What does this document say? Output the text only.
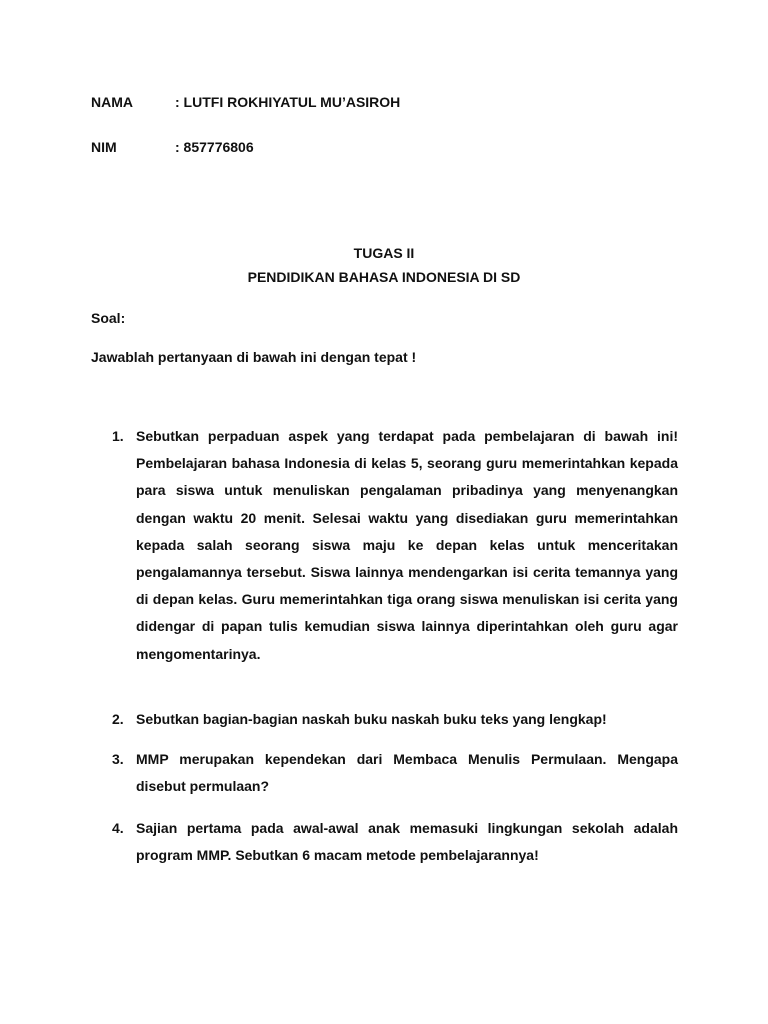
NAMA	: LUTFI ROKHIYATUL MU’ASIROH
NIM	: 857776806
TUGAS II
PENDIDIKAN BAHASA INDONESIA DI SD
Soal:
Jawablah pertanyaan di bawah ini dengan tepat !
1. Sebutkan perpaduan aspek yang terdapat pada pembelajaran di bawah ini! Pembelajaran bahasa Indonesia di kelas 5, seorang guru memerintahkan kepada para siswa untuk menuliskan pengalaman pribadinya yang menyenangkan dengan waktu 20 menit. Selesai waktu yang disediakan guru memerintahkan kepada salah seorang siswa maju ke depan kelas untuk menceritakan pengalamannya tersebut. Siswa lainnya mendengarkan isi cerita temannya yang di depan kelas. Guru memerintahkan tiga orang siswa menuliskan isi cerita yang didengar di papan tulis kemudian siswa lainnya diperintahkan oleh guru agar mengomentarinya.
2. Sebutkan bagian-bagian naskah buku naskah buku teks yang lengkap!
3. MMP merupakan kependekan dari Membaca Menulis Permulaan. Mengapa disebut permulaan?
4. Sajian pertama pada awal-awal anak memasuki lingkungan sekolah adalah program MMP. Sebutkan 6 macam metode pembelajarannya!
